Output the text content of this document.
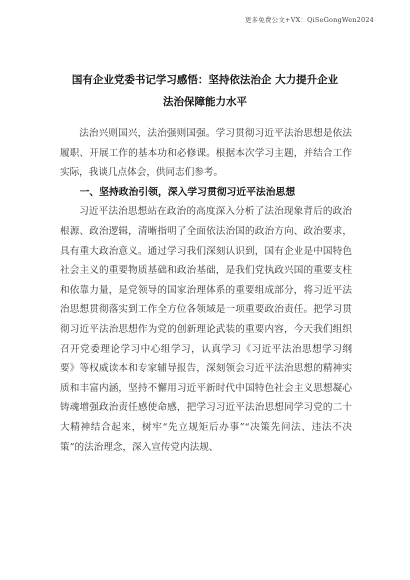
更多免费公文+VX：QiSeGongWen2024
国有企业党委书记学习感悟：坚持依法治企 大力提升企业
法治保障能力水平

法治兴则国兴，法治强则国强。学习贯彻习近平法治思想是依法履职、开展工作的基本功和必修课。根据本次学习主题，并结合工作实际，我谈几点体会，供同志们参考。

一、坚持政治引领，深入学习贯彻习近平法治思想

习近平法治思想站在政治的高度深入分析了法治现象背后的政治根源、政治逻辑，清晰指明了全面依法治国的政治方向、政治要求，具有重大政治意义。通过学习我们深刻认识到，国有企业是中国特色社会主义的重要物质基础和政治基础，是我们党执政兴国的重要支柱和依靠力量，是党领导的国家治理体系的重要组成部分，将习近平法治思想贯彻落实到工作全方位各领域是一项重要政治责任。把学习贯彻习近平法治思想作为党的创新理论武装的重要内容，今天我们组织召开党委理论学习中心组学习，认真学习《习近平法治思想学习纲要》等权威读本和专家辅导报告，深刻领会习近平法治思想的精神实质和丰富内涵，坚持不懈用习近平新时代中国特色社会主义思想凝心铸魂增强政治责任感使命感，把学习习近平法治思想同学习党的二十大精神结合起来，树牢“先立规矩后办事”“决策先问法、违法不决策”的法治理念，深入宣传党内法规、
